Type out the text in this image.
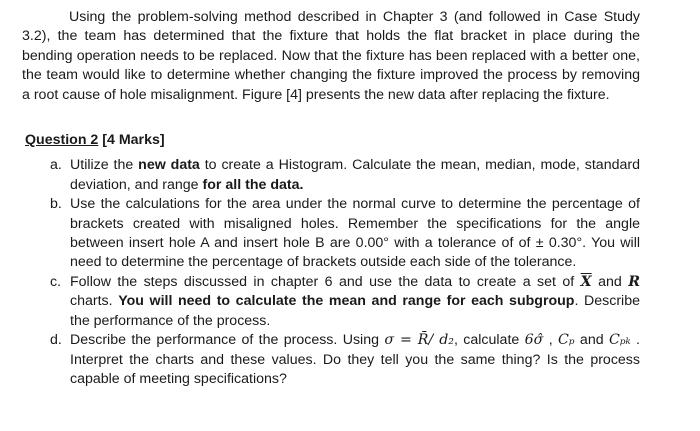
Using the problem-solving method described in Chapter 3 (and followed in Case Study 3.2), the team has determined that the fixture that holds the flat bracket in place during the bending operation needs to be replaced. Now that the fixture has been replaced with a better one, the team would like to determine whether changing the fixture improved the process by removing a root cause of hole misalignment. Figure [4] presents the new data after replacing the fixture.

Question 2 [4 Marks]
a. Utilize the new data to create a Histogram. Calculate the mean, median, mode, standard deviation, and range for all the data.
b. Use the calculations for the area under the normal curve to determine the percentage of brackets created with misaligned holes. Remember the specifications for the angle between insert hole A and insert hole B are 0.00° with a tolerance of of ± 0.30°. You will need to determine the percentage of brackets outside each side of the tolerance.
c. Follow the steps discussed in chapter 6 and use the data to create a set of $\overline{X}$ and R charts. You will need to calculate the mean and range for each subgroup. Describe the performance of the process.
d. Describe the performance of the process. Using σ = R̄/ d₂, calculate 6σ̂ , Cₚ and Cₚₖ . Interpret the charts and these values. Do they tell you the same thing? Is the process capable of meeting specifications?
